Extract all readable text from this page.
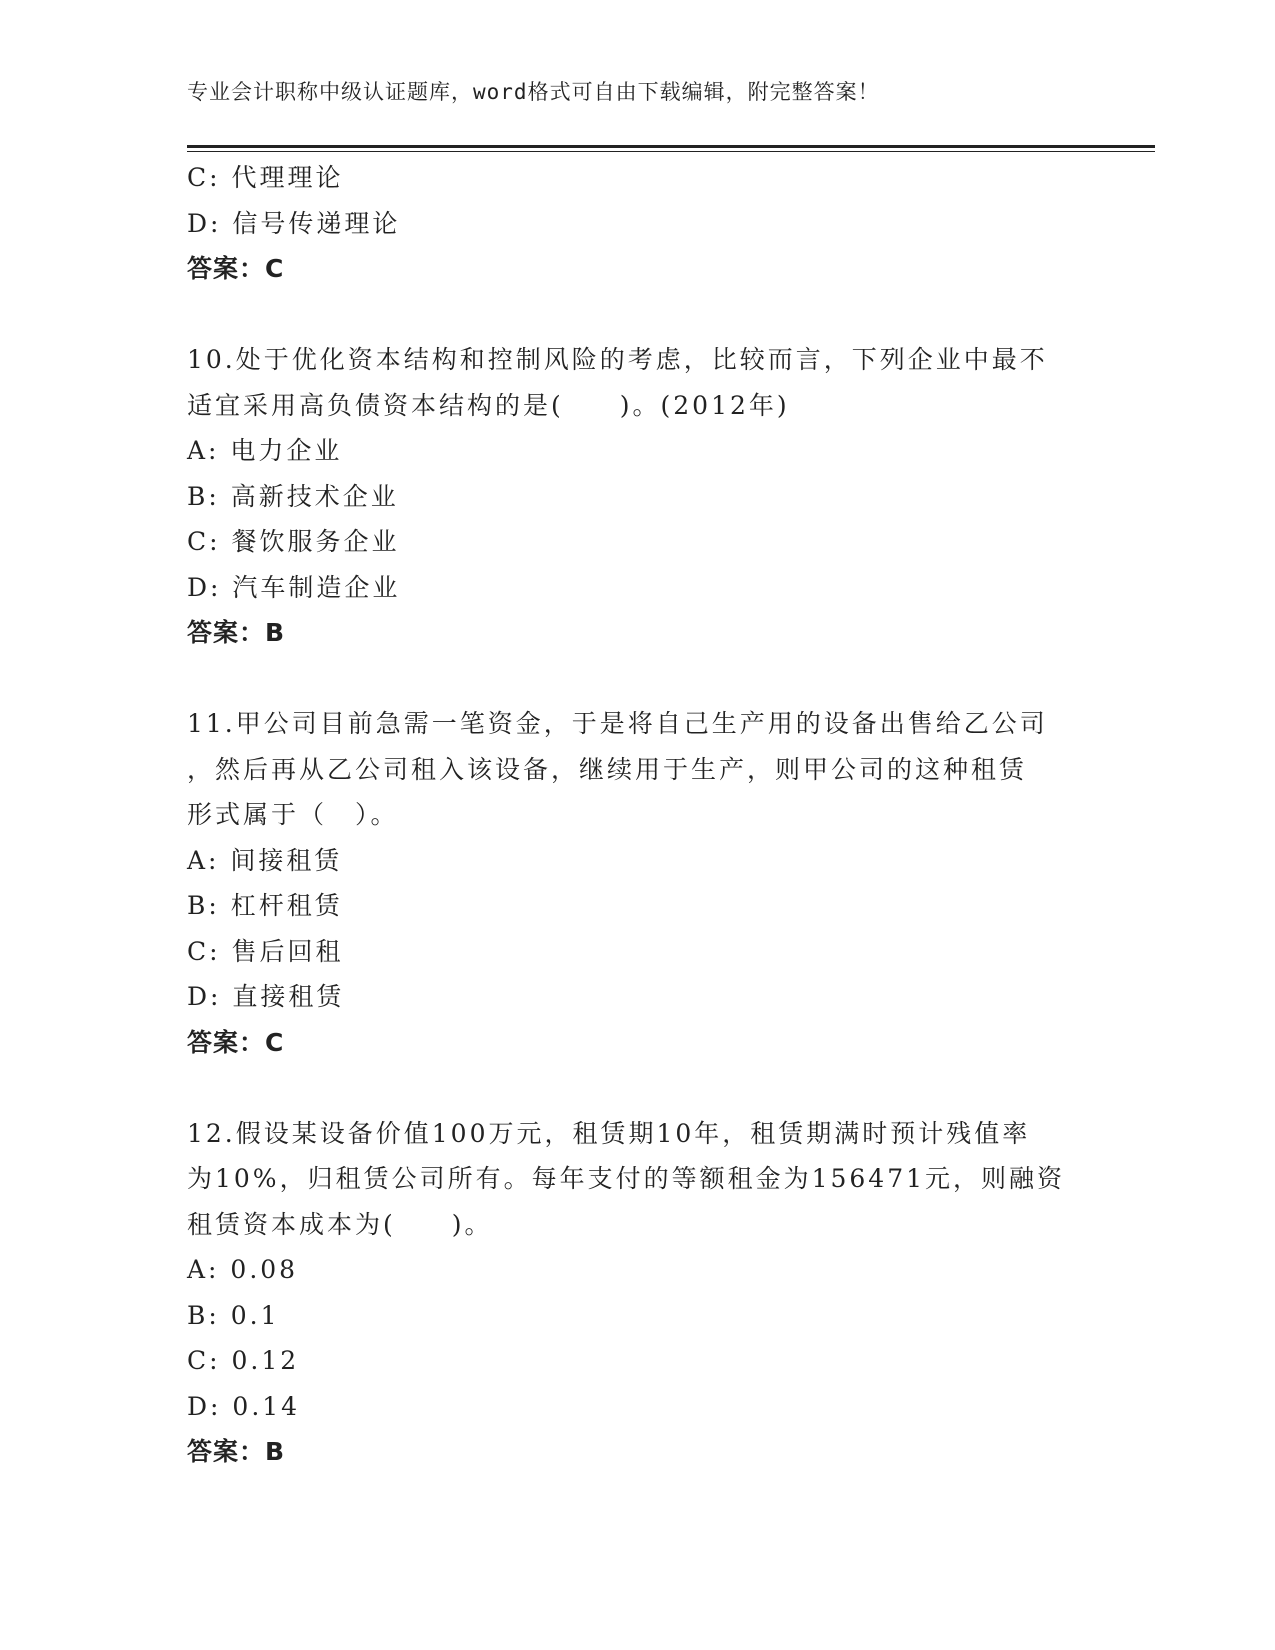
专业会计职称中级认证题库，word格式可自由下载编辑，附完整答案！
C: 代理理论
D: 信号传递理论
答案：C
10.处于优化资本结构和控制风险的考虑，比较而言，下列企业中最不
适宜采用高负债资本结构的是(　　)。(2012年)
A: 电力企业
B: 高新技术企业
C: 餐饮服务企业
D: 汽车制造企业
答案：B
11.甲公司目前急需一笔资金，于是将自己生产用的设备出售给乙公司
，然后再从乙公司租入该设备，继续用于生产，则甲公司的这种租赁
形式属于（　）。
A: 间接租赁
B: 杠杆租赁
C: 售后回租
D: 直接租赁
答案：C
12.假设某设备价值100万元，租赁期10年，租赁期满时预计残值率
为10%，归租赁公司所有。每年支付的等额租金为156471元，则融资
租赁资本成本为(　　)。
A: 0.08
B: 0.1
C: 0.12
D: 0.14
答案：B
